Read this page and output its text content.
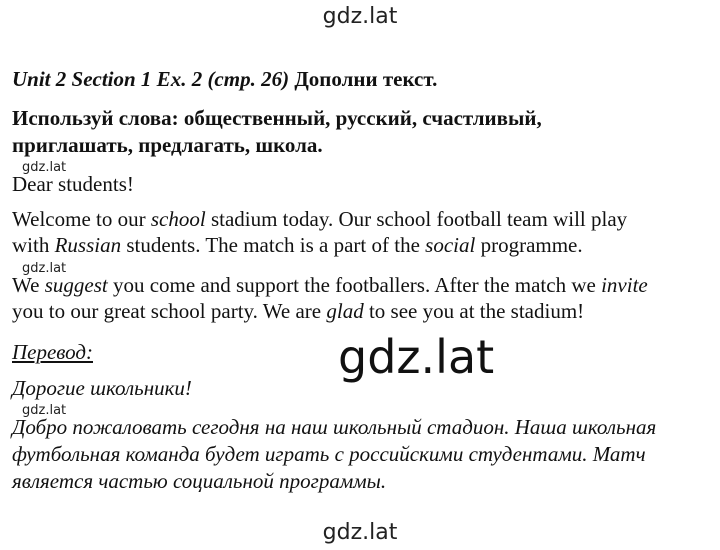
gdz.lat
Unit 2 Section 1 Ex. 2 (стр. 26) Дополни текст.
Используй слова: общественный, русский, счастливый,
приглашать, предлагать, школа.
gdz.lat
Dear students!
Welcome to our school stadium today. Our school football team will play
with Russian students. The match is a part of the social programme.
gdz.lat
We suggest you come and support the footballers. After the match we invite
you to our great school party. We are glad to see you at the stadium!
Перевод:	gdz.lat
Дорогие школьники!
gdz.lat
Добро пожаловать сегодня на наш школьный стадион. Наша школьная
футбольная команда будет играть с российскими студентами. Матч
является частью социальной программы.
gdz.lat
